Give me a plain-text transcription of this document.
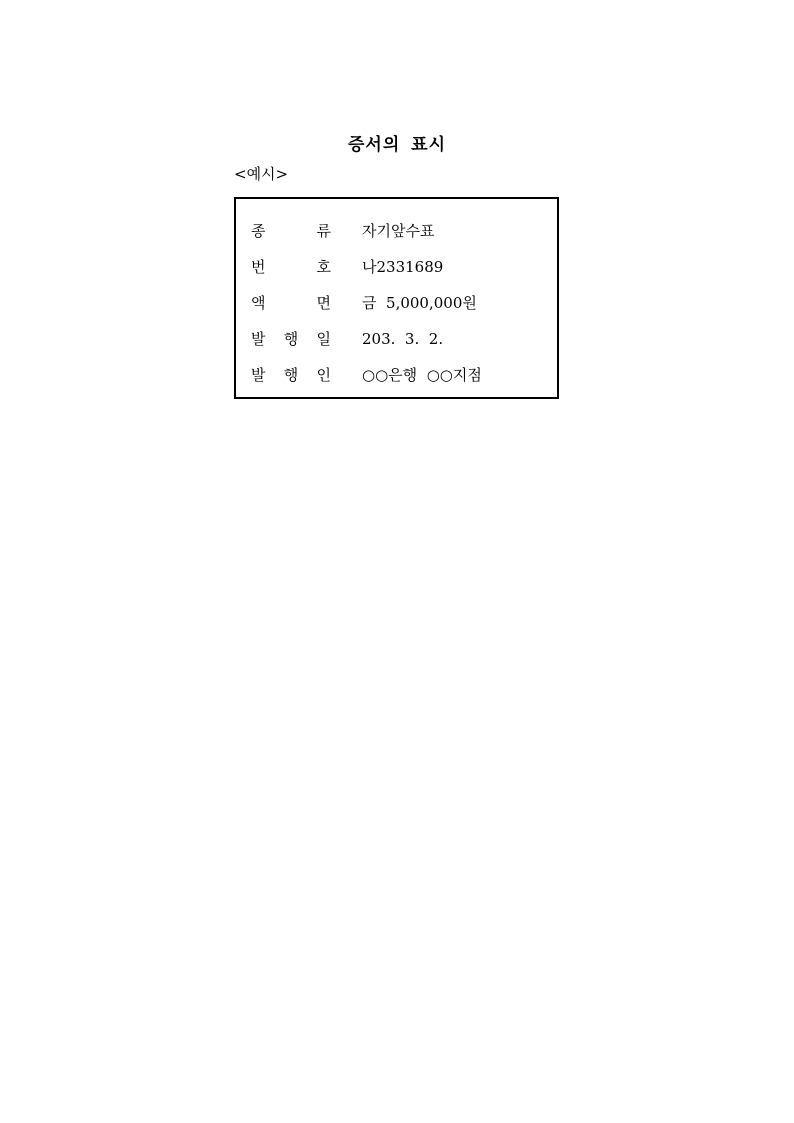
증서의 표시
<예시>
종	류 자기앞수표
번	호 나2331689
액	면 금  5,000,000원
발 행 일 203.  3.  2.
발 행 인 ○○은행  ○○지점
